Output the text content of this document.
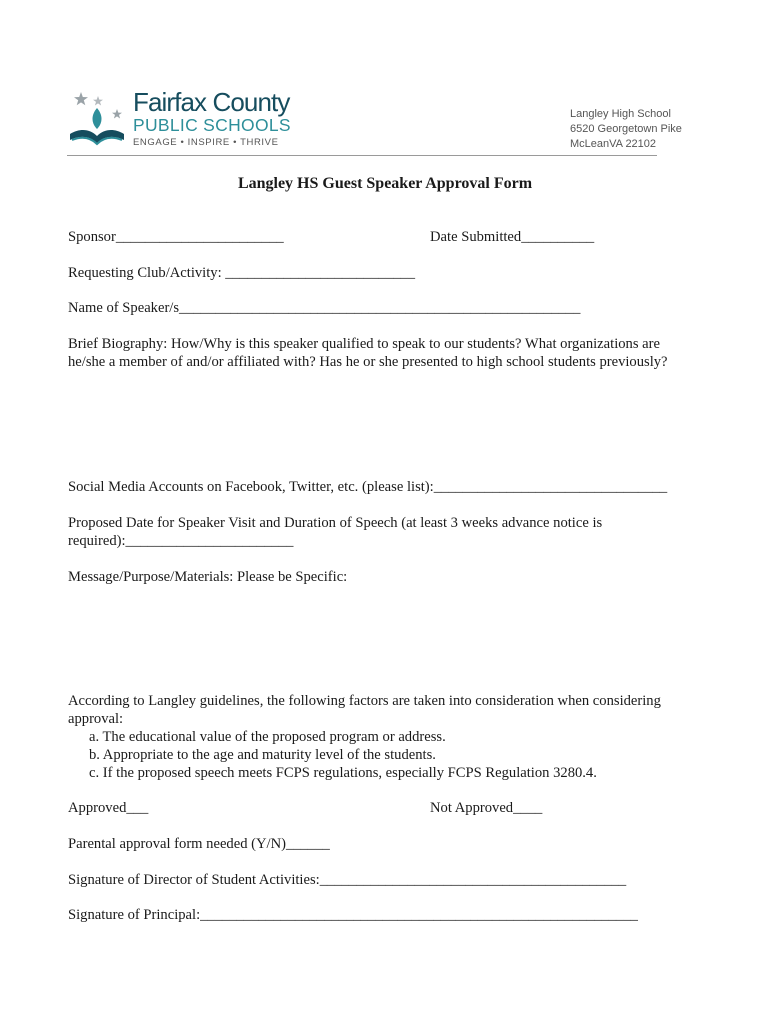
Fairfax County
PUBLIC SCHOOLS
ENGAGE • INSPIRE • THRIVE
Langley High School
6520 Georgetown Pike
McLeanVA 22102
Langley HS Guest Speaker Approval Form
Sponsor_______________________	Date Submitted__________
Requesting Club/Activity: __________________________
Name of Speaker/s_______________________________________________________
Brief Biography: How/Why is this speaker qualified to speak to our students? What organizations are
he/she a member of and/or affiliated with? Has he or she presented to high school students previously?
Social Media Accounts on Facebook, Twitter, etc. (please list):________________________________
Proposed Date for Speaker Visit and Duration of Speech (at least 3 weeks advance notice is
required):_______________________
Message/Purpose/Materials: Please be Specific:
According to Langley guidelines, the following factors are taken into consideration when considering
approval:
a. The educational value of the proposed program or address.
b. Appropriate to the age and maturity level of the students.
c. If the proposed speech meets FCPS regulations, especially FCPS Regulation 3280.4.
Approved___	Not Approved____
Parental approval form needed (Y/N)______
Signature of Director of Student Activities:__________________________________________
Signature of Principal:____________________________________________________________
